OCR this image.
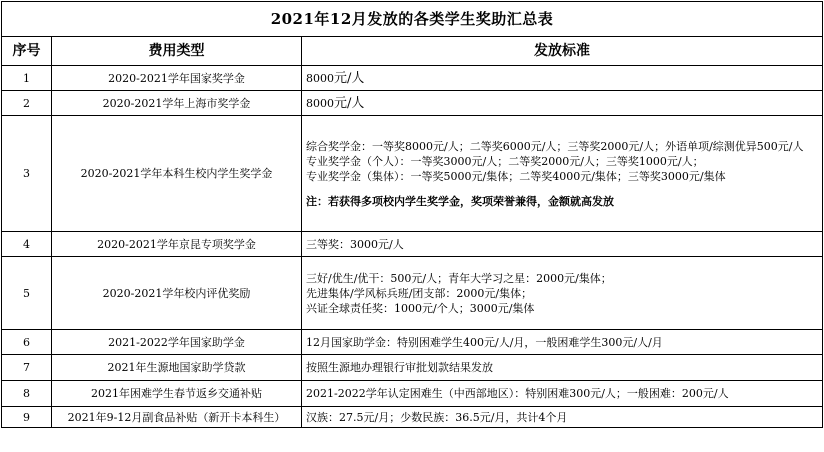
2021年12月发放的各类学生奖助汇总表		
序号	费用类型	发放标准
1	2020-2021学年国家奖学金	8000元/人
2	2020-2021学年上海市奖学金	8000元/人
3	2020-2021学年本科生校内学生奖学金	综合奖学金：一等奖8000元/人；二等奖6000元/人；三等奖2000元/人；外语单项/综测优异500元/人
专业奖学金（个人）：一等奖3000元/人；二等奖2000元/人；三等奖1000元/人；
专业奖学金（集体）：一等奖5000元/集体；二等奖4000元/集体；三等奖3000元/集体
注：若获得多项校内学生奖学金，奖项荣誉兼得，金额就高发放

4	2020-2021学年京昆专项奖学金	三等奖：3000元/人

5	2020-2021学年校内评优奖励	三好/优生/优干：500元/人；青年大学习之星：2000元/集体；
先进集体/学风标兵班/团支部：2000元/集体；
兴证全球责任奖：1000元/个人；3000元/集体

6	2021-2022学年国家助学金	12月国家助学金：特别困难学生400元/人/月，一般困难学生300元/人/月

7	2021年生源地国家助学贷款	按照生源地办理银行审批划款结果发放

8	2021年困难学生春节返乡交通补贴	2021-2022学年认定困难生（中西部地区）：特别困难300元/人；一般困难：200元/人

9	2021年9-12月副食品补贴（新开卡本科生）	汉族：27.5元/月；少数民族：36.5元/月，共计4个月
